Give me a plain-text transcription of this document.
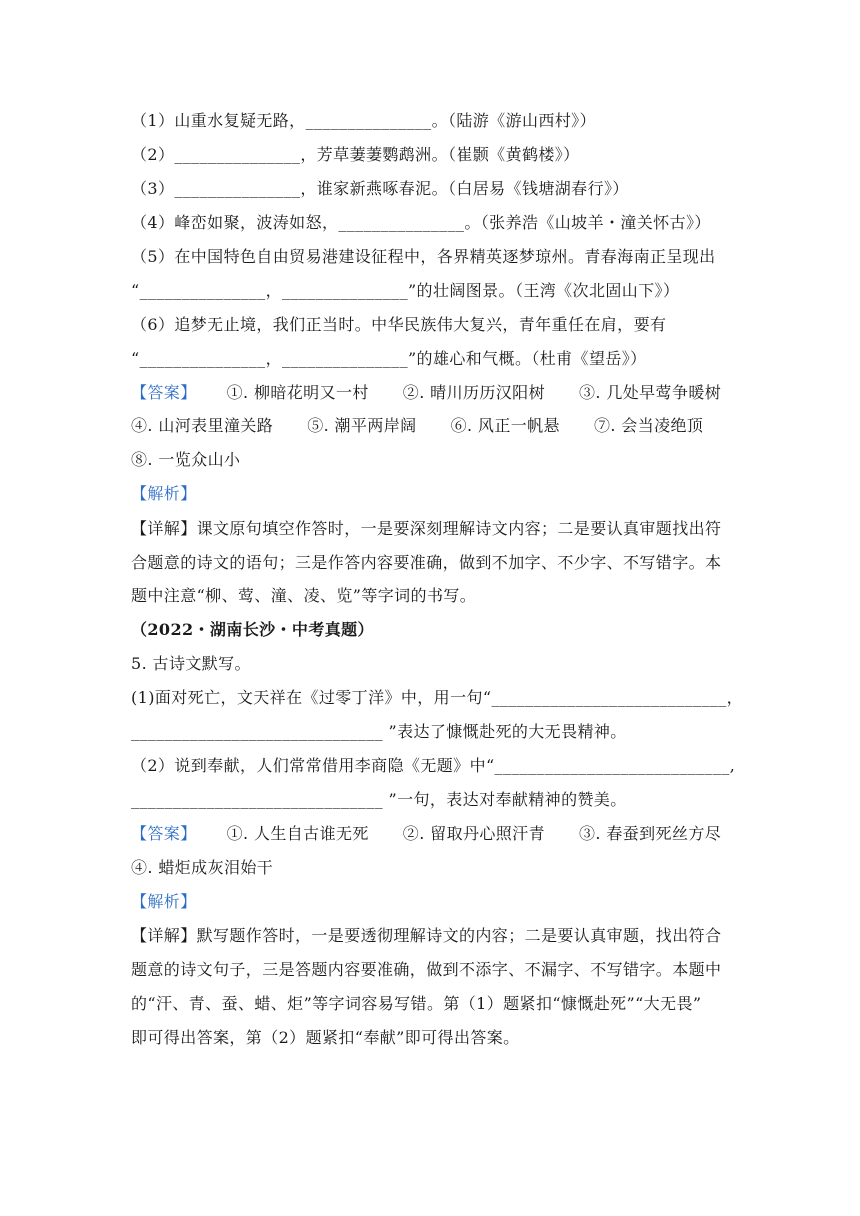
（1）山重水复疑无路，_______________。（陆游《游山西村》）
（2）_______________，芳草萋萋鹦鹉洲。（崔颢《黄鹤楼》）
（3）_______________，谁家新燕啄春泥。（白居易《钱塘湖春行》）
（4）峰峦如聚，波涛如怒，_______________。（张养浩《山坡羊・潼关怀古》）
（5）在中国特色自由贸易港建设征程中，各界精英逐梦琼州。青春海南正呈现出
“_______________，_______________”的壮阔图景。（王湾《次北固山下》）
（6）追梦无止境，我们正当时。中华民族伟大复兴，青年重任在肩，要有
“_______________，_______________”的雄心和气概。（杜甫《望岳》）
【答案】 ①. 柳暗花明又一村 ②. 晴川历历汉阳树 ③. 几处早莺争暖树
④. 山河表里潼关路 ⑤. 潮平两岸阔 ⑥. 风正一帆悬 ⑦. 会当凌绝顶
⑧. 一览众山小
【解析】
【详解】课文原句填空作答时，一是要深刻理解诗文内容；二是要认真审题找出符
合题意的诗文的语句；三是作答内容要准确，做到不加字、不少字、不写错字。本
题中注意“柳、莺、潼、凌、览”等字词的书写。
（2022・湖南长沙・中考真题）
5. 古诗文默写。
(1)面对死亡，文天祥在《过零丁洋》中，用一句“____________________________，
______________________________ ”表达了慷慨赴死的大无畏精神。
（2）说到奉献，人们常常借用李商隐《无题》中“____________________________,
______________________________ ”一句，表达对奉献精神的赞美。
【答案】 ①. 人生自古谁无死 ②. 留取丹心照汗青 ③. 春蚕到死丝方尽
④. 蜡炬成灰泪始干
【解析】
【详解】默写题作答时，一是要透彻理解诗文的内容；二是要认真审题，找出符合
题意的诗文句子，三是答题内容要准确，做到不添字、不漏字、不写错字。本题中
的“汗、青、蚕、蜡、炬”等字词容易写错。第（1）题紧扣“慷慨赴死”“大无畏”
即可得出答案，第（2）题紧扣“奉献”即可得出答案。
